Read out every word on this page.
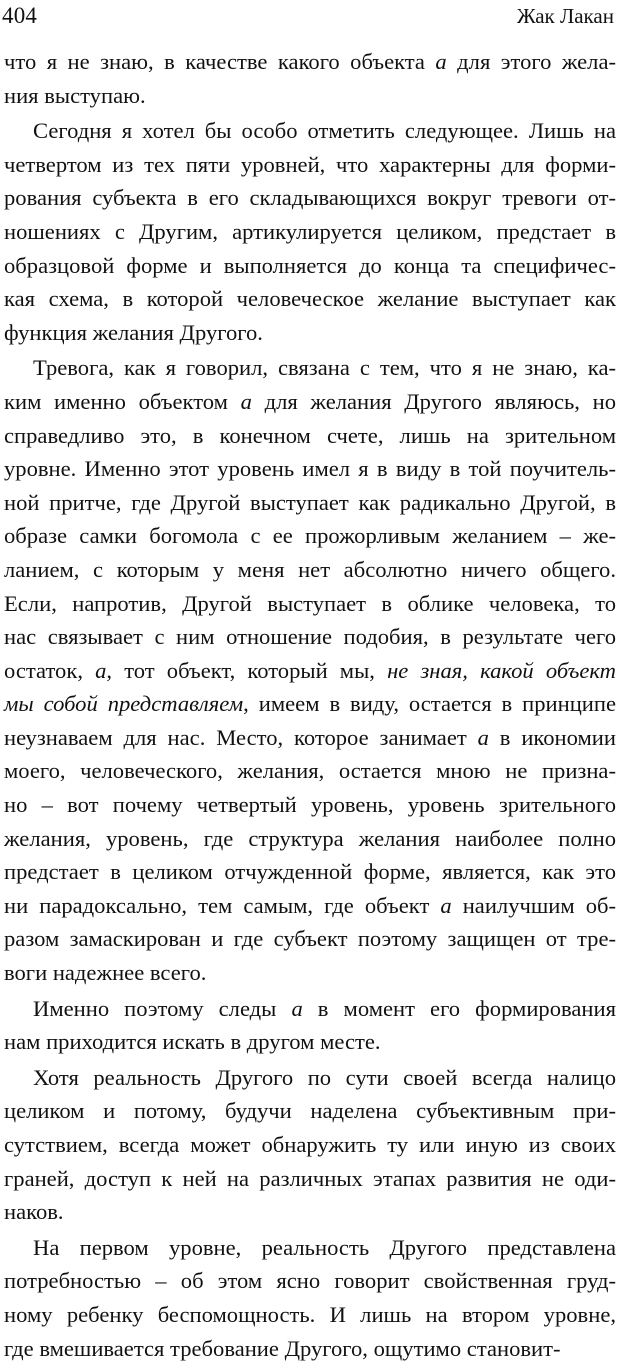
404	Жак Лакан
что я не знаю, в качестве какого объекта а для этого жела-
ния выступаю.
Сегодня я хотел бы особо отметить следующее. Лишь на
четвертом из тех пяти уровней, что характерны для форми-
рования субъекта в его складывающихся вокруг тревоги от-
ношениях с Другим, артикулируется целиком, предстает в
образцовой форме и выполняется до конца та специфичес-
кая схема, в которой человеческое желание выступает как
функция желания Другого.
Тревога, как я говорил, связана с тем, что я не знаю, ка-
ким именно объектом а для желания Другого являюсь, но
справедливо это, в конечном счете, лишь на зрительном
уровне. Именно этот уровень имел я в виду в той поучитель-
ной притче, где Другой выступает как радикально Другой, в
образе самки богомола с ее прожорливым желанием – же-
ланием, с которым у меня нет абсолютно ничего общего.
Если, напротив, Другой выступает в облике человека, то
нас связывает с ним отношение подобия, в результате чего
остаток, а, тот объект, который мы, не зная, какой объект
мы собой представляем, имеем в виду, остается в принципе
неузнаваем для нас. Место, которое занимает а в икономии
моего, человеческого, желания, остается мною не призна-
но – вот почему четвертый уровень, уровень зрительного
желания, уровень, где структура желания наиболее полно
предстает в целиком отчужденной форме, является, как это
ни парадоксально, тем самым, где объект а наилучшим об-
разом замаскирован и где субъект поэтому защищен от тре-
воги надежнее всего.
Именно поэтому следы а в момент его формирования
нам приходится искать в другом месте.
Хотя реальность Другого по сути своей всегда налицо
целиком и потому, будучи наделена субъективным при-
сутствием, всегда может обнаружить ту или иную из своих
граней, доступ к ней на различных этапах развития не оди-
наков.
На первом уровне, реальность Другого представлена
потребностью – об этом ясно говорит свойственная груд-
ному ребенку беспомощность. И лишь на втором уровне,
где вмешивается требование Другого, ощутимо становит-
